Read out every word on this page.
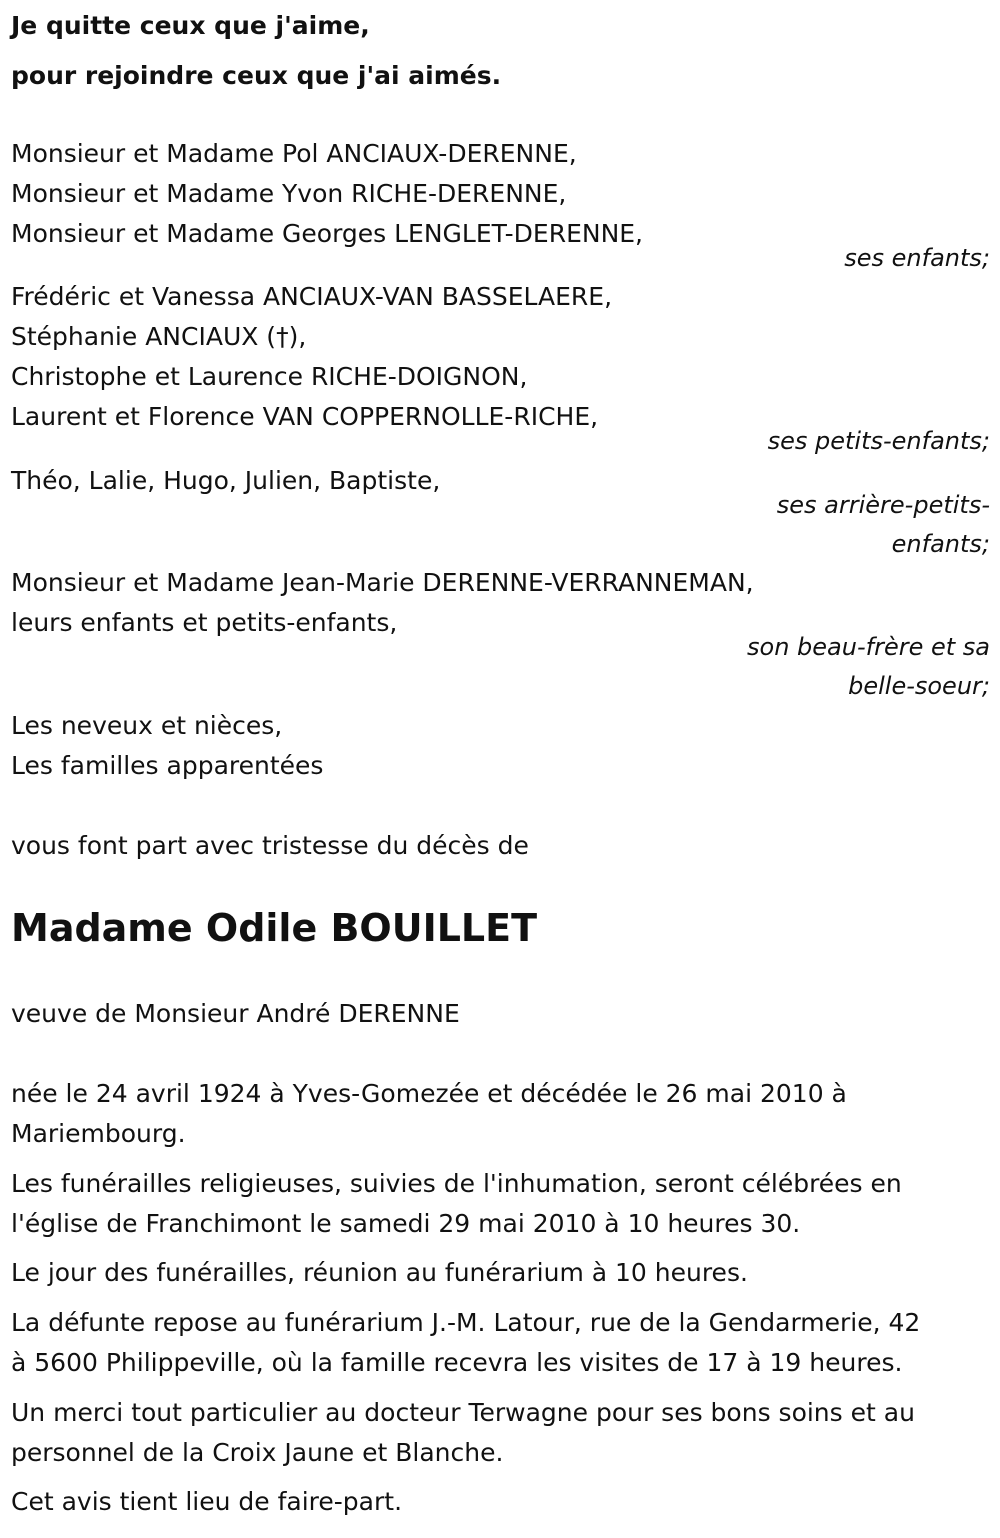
Je quitte ceux que j'aime,
pour rejoindre ceux que j'ai aimés.
Monsieur et Madame Pol ANCIAUX-DERENNE,
Monsieur et Madame Yvon RICHE-DERENNE,
Monsieur et Madame Georges LENGLET-DERENNE,
ses enfants;
Frédéric et Vanessa ANCIAUX-VAN BASSELAERE,
Stéphanie ANCIAUX (†),
Christophe et Laurence RICHE-DOIGNON,
Laurent et Florence VAN COPPERNOLLE-RICHE,
ses petits-enfants;
Théo, Lalie, Hugo, Julien, Baptiste,
ses arrière-petits-
enfants;
Monsieur et Madame Jean-Marie DERENNE-VERRANNEMAN,
leurs enfants et petits-enfants,
son beau-frère et sa
belle-soeur;
Les neveux et nièces,
Les familles apparentées
vous font part avec tristesse du décès de
Madame Odile BOUILLET
veuve de Monsieur André DERENNE
née le 24 avril 1924 à Yves-Gomezée et décédée le 26 mai 2010 à
Mariembourg.
Les funérailles religieuses, suivies de l'inhumation, seront célébrées en
l'église de Franchimont le samedi 29 mai 2010 à 10 heures 30.
Le jour des funérailles, réunion au funérarium à 10 heures.
La défunte repose au funérarium J.-M. Latour, rue de la Gendarmerie, 42
à 5600 Philippeville, où la famille recevra les visites de 17 à 19 heures.
Un merci tout particulier au docteur Terwagne pour ses bons soins et au
personnel de la Croix Jaune et Blanche.
Cet avis tient lieu de faire-part.
